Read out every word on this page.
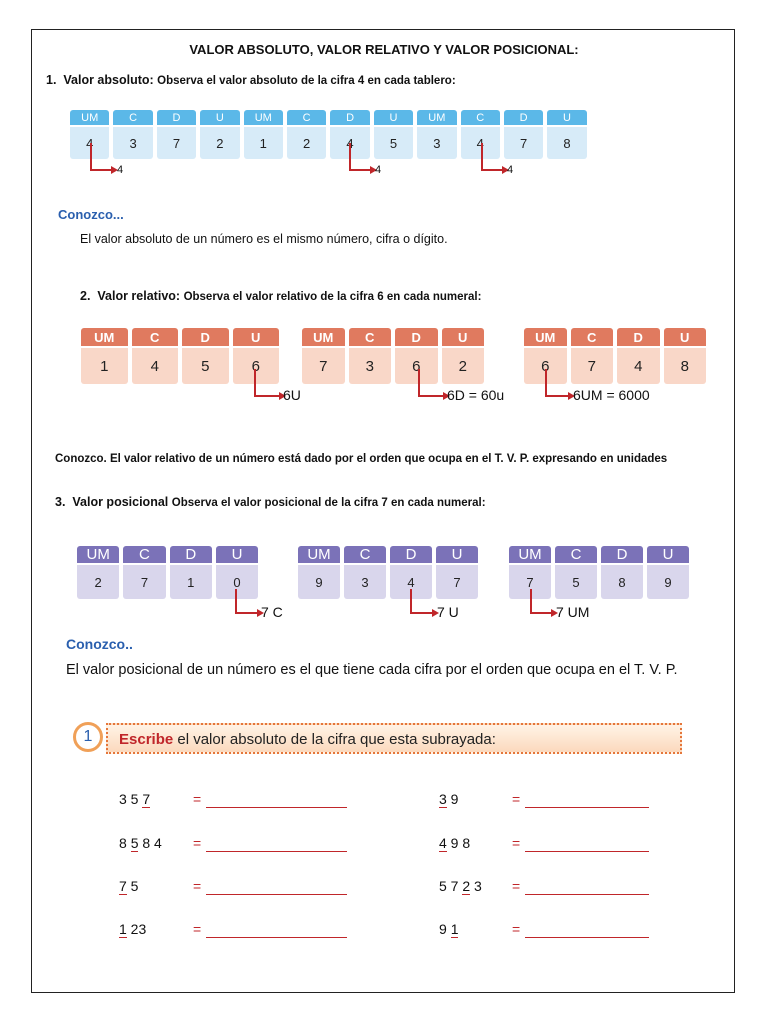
VALOR ABSOLUTO, VALOR RELATIVO Y VALOR POSICIONAL:
1. Valor absoluto: Observa el valor absoluto de la cifra 4 en cada tablero:
UM	C	D	U	UM	C	D	U	UM	C	D	U
4	3	7	2	1	2	4	5	3	4	7	8
4	4	4
Conozco...
El valor absoluto de un número es el mismo número, cifra o dígito.
2. Valor relativo: Observa el valor relativo de la cifra 6 en cada numeral:
UM	C	D	U
1	4	5	6
UM	C	D	U
7	3	6	2
UM	C	D	U
6	7	4	8
6U	6D = 60u	6UM = 6000
Conozco. El valor relativo de un número está dado por el orden que ocupa en el T. V. P. expresando en unidades
3. Valor posicional Observa el valor posicional de la cifra 7 en cada numeral:
UM	C	D	U
2	7	1	0
UM	C	D	U
9	3	4	7
UM	C	D	U
7	5	8	9
7 C	7 U	7 UM
Conozco..
El valor posicional de un número es el que tiene cada cifra por el orden que ocupa en el T. V. P.
1	Escribe el valor absoluto de la cifra que esta subrayada:
3 5 7	=
8 5 8 4 =
7 5	=
1 23	=
3 9	=
4 9 8	=
5 7 2 3 =
9 1	=
